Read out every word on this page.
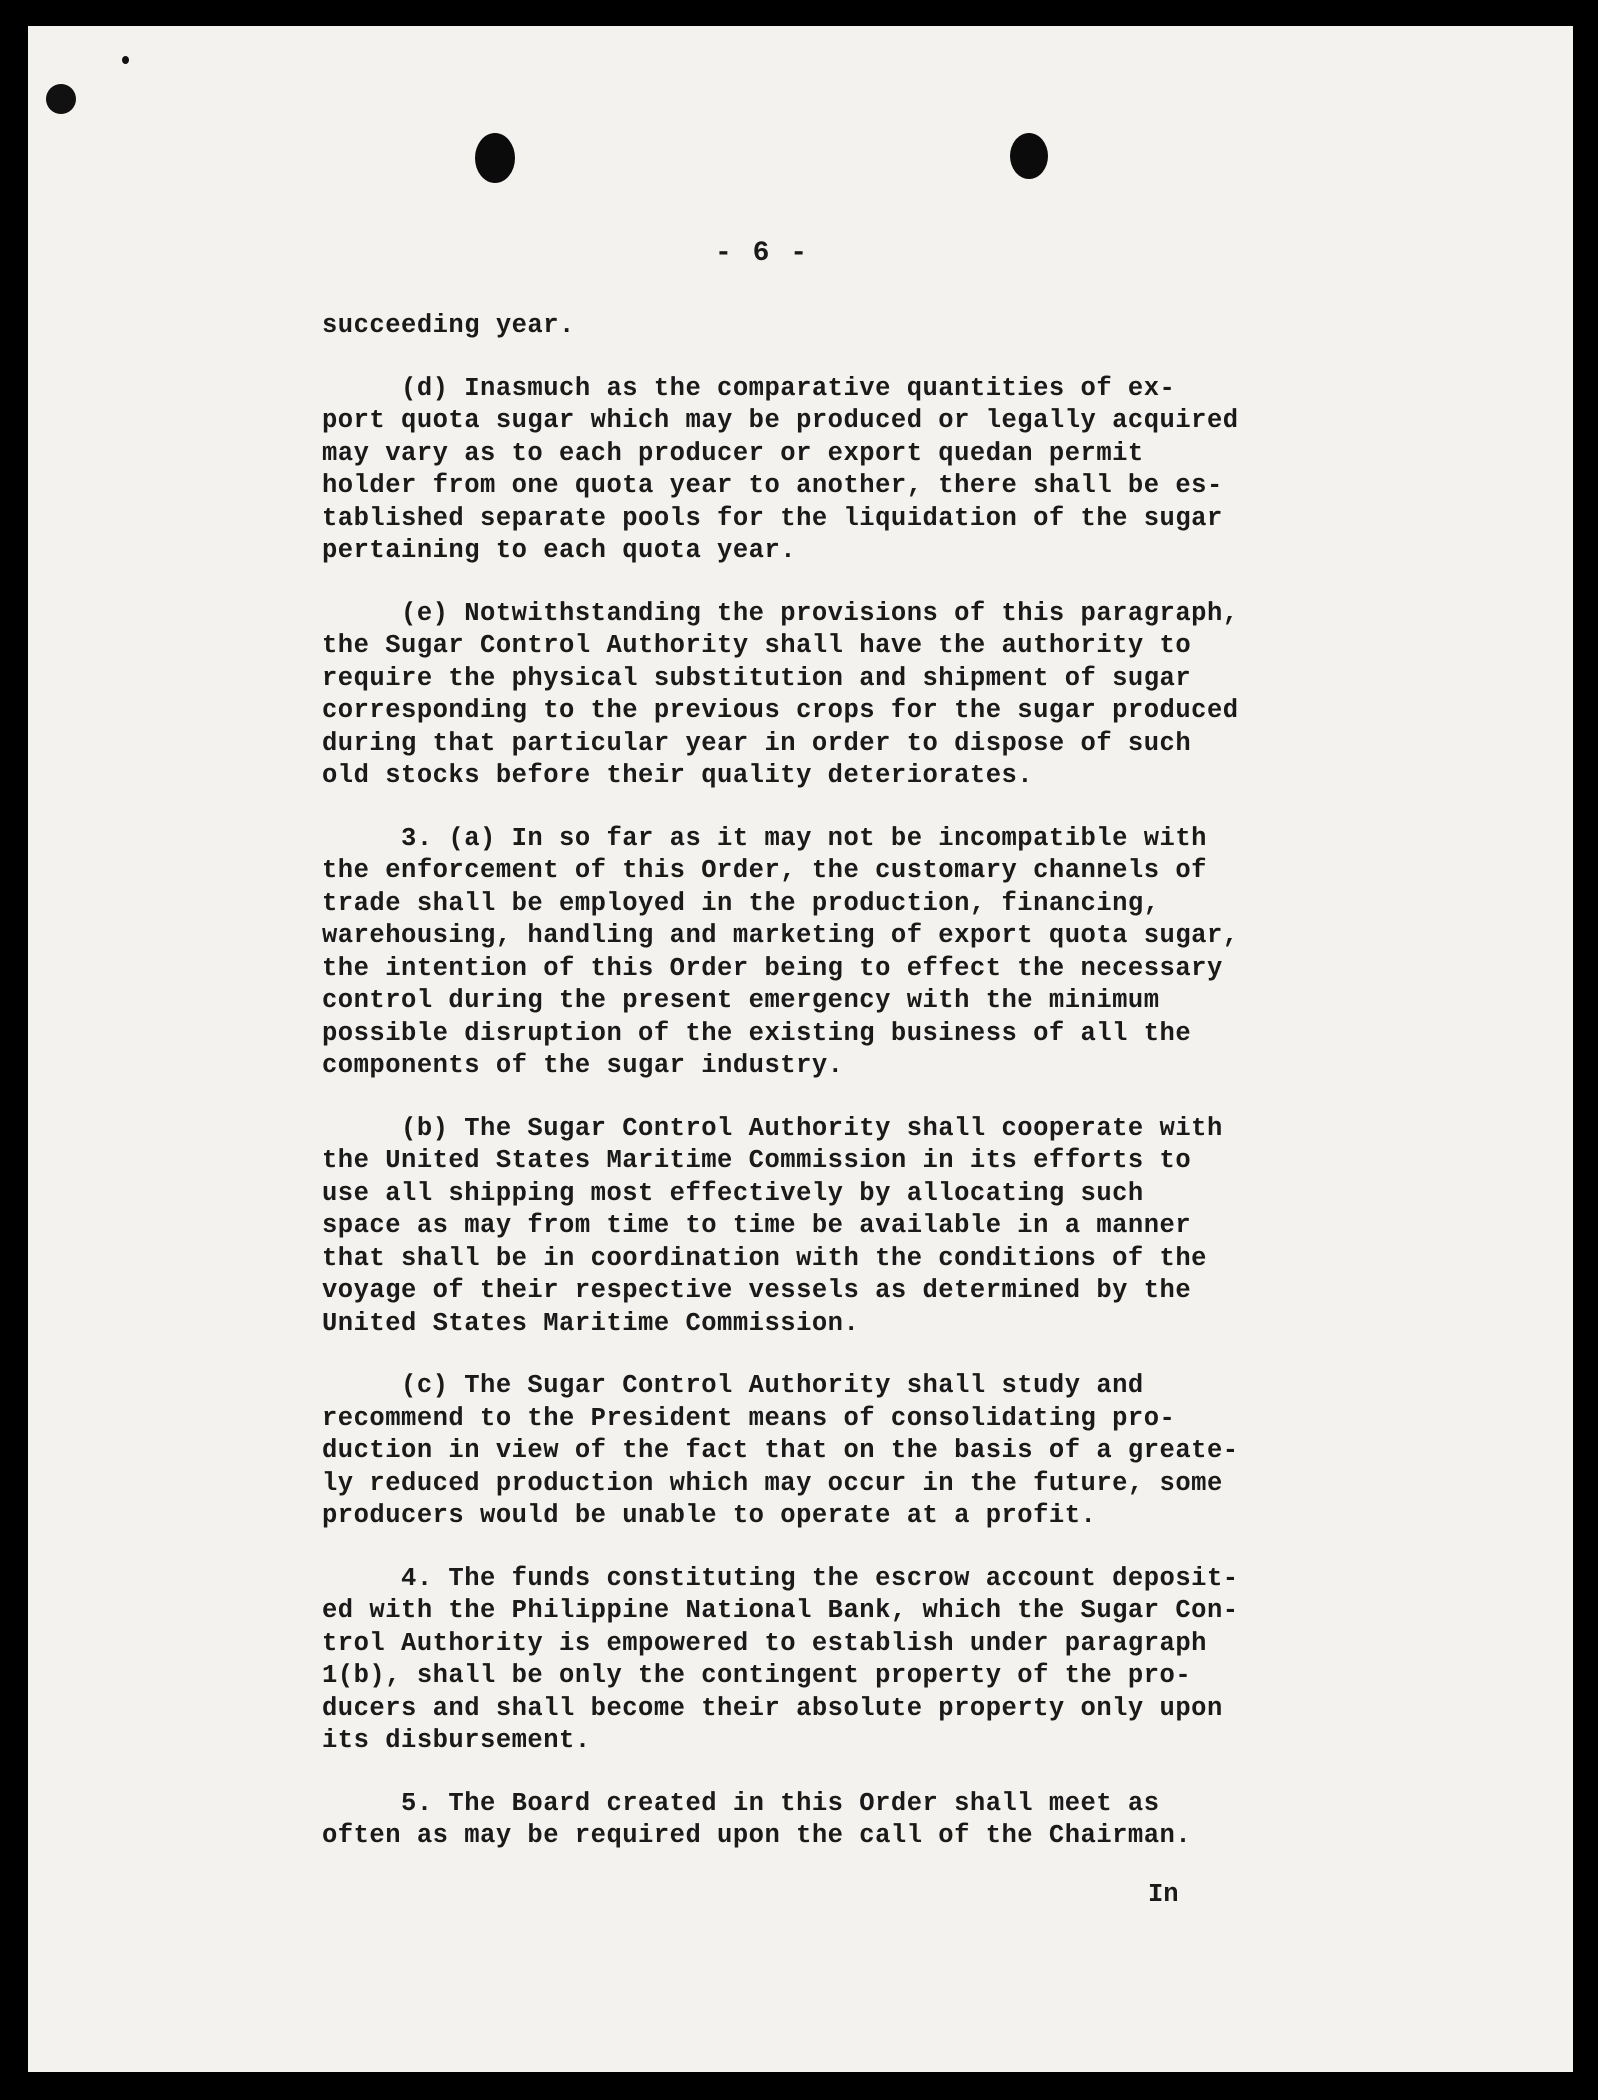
- 6 -
succeeding year.
(d) Inasmuch as the comparative quantities of ex-
port quota sugar which may be produced or legally acquired
may vary as to each producer or export quedan permit
holder from one quota year to another, there shall be es-
tablished separate pools for the liquidation of the sugar
pertaining to each quota year.
(e) Notwithstanding the provisions of this paragraph,
the Sugar Control Authority shall have the authority to
require the physical substitution and shipment of sugar
corresponding to the previous crops for the sugar produced
during that particular year in order to dispose of such
old stocks before their quality deteriorates.
3. (a) In so far as it may not be incompatible with
the enforcement of this Order, the customary channels of
trade shall be employed in the production, financing,
warehousing, handling and marketing of export quota sugar,
the intention of this Order being to effect the necessary
control during the present emergency with the minimum
possible disruption of the existing business of all the
components of the sugar industry.
(b) The Sugar Control Authority shall cooperate with
the United States Maritime Commission in its efforts to
use all shipping most effectively by allocating such
space as may from time to time be available in a manner
that shall be in coordination with the conditions of the
voyage of their respective vessels as determined by the
United States Maritime Commission.
(c) The Sugar Control Authority shall study and
recommend to the President means of consolidating pro-
duction in view of the fact that on the basis of a greate-
ly reduced production which may occur in the future, some
producers would be unable to operate at a profit.
4. The funds constituting the escrow account deposit-
ed with the Philippine National Bank, which the Sugar Con-
trol Authority is empowered to establish under paragraph
1(b), shall be only the contingent property of the pro-
ducers and shall become their absolute property only upon
its disbursement.
5. The Board created in this Order shall meet as
often as may be required upon the call of the Chairman.
In
